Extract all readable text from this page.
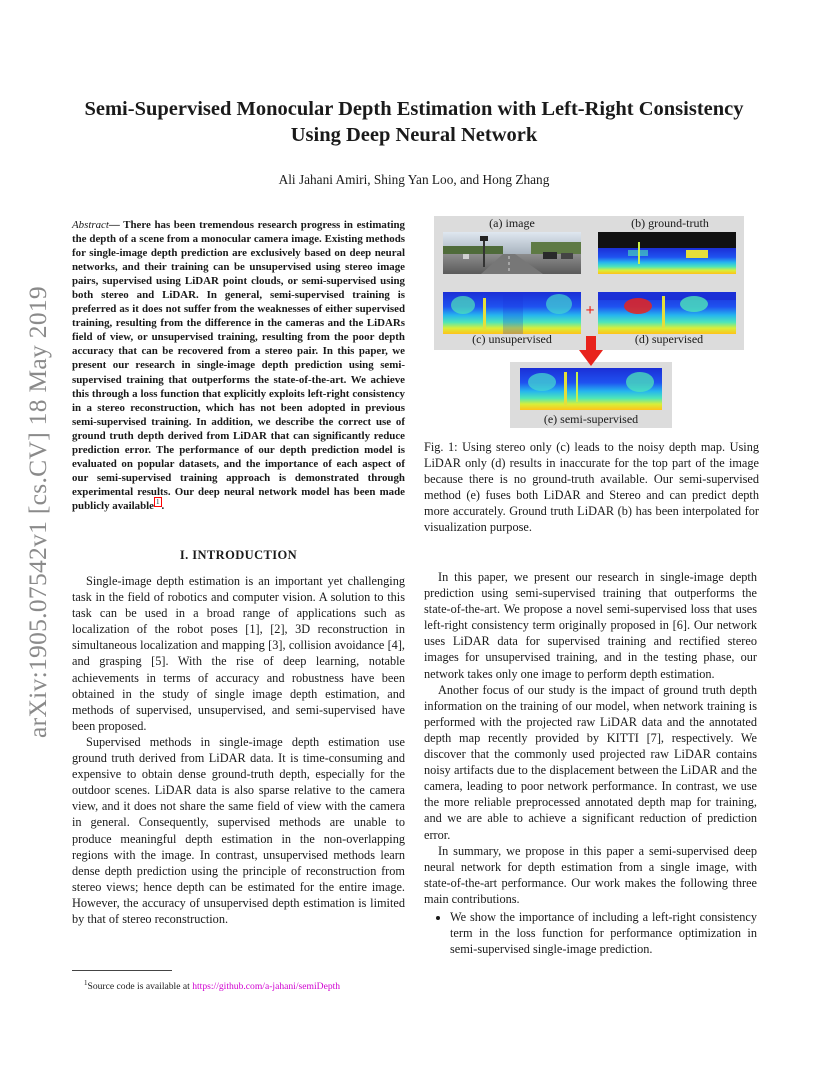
arXiv:1905.07542v1 [cs.CV] 18 May 2019
Semi-Supervised Monocular Depth Estimation with Left-Right Consistency Using Deep Neural Network
Ali Jahani Amiri, Shing Yan Loo, and Hong Zhang

Abstract— There has been tremendous research progress in estimating the depth of a scene from a monocular camera image. Existing methods for single-image depth prediction are exclusively based on deep neural networks, and their training can be unsupervised using stereo image pairs, supervised using LiDAR point clouds, or semi-supervised using both stereo and LiDAR. In general, semi-supervised training is preferred as it does not suffer from the weaknesses of either supervised training, resulting from the difference in the cameras and the LiDARs field of view, or unsupervised training, resulting from the poor depth accuracy that can be recovered from a stereo pair. In this paper, we present our research in single-image depth prediction using semi-supervised training that outperforms the state-of-the-art. We achieve this through a loss function that explicitly exploits left-right consistency in a stereo reconstruction, which has not been adopted in previous semi-supervised training. In addition, we describe the correct use of ground truth depth derived from LiDAR that can significantly reduce prediction error. The performance of our depth prediction model is evaluated on popular datasets, and the importance of each aspect of our semi-supervised training approach is demonstrated through experimental results. Our deep neural network model has been made publicly available $^1$ .

I. INTRODUCTION

Single-image depth estimation is an important yet challenging task in the field of robotics and computer vision. A solution to this task can be used in a broad range of applications such as localization of the robot poses [1], [2], 3D reconstruction in simultaneous localization and mapping [3], collision avoidance [4], and grasping [5]. With the rise of deep learning, notable achievements in terms of accuracy and robustness have been obtained in the study of single image depth estimation, and methods of supervised, unsupervised, and semi-supervised have been proposed.

Supervised methods in single-image depth estimation use ground truth derived from LiDAR data. It is time-consuming and expensive to obtain dense ground-truth depth, especially for the outdoor scenes. LiDAR data is also sparse relative to the camera view, and it does not share the same field of view with the camera in general. Consequently, supervised methods are unable to produce meaningful depth estimation in the non-overlapping regions with the image. In contrast, unsupervised methods learn dense depth prediction using the principle of reconstruction from stereo views; hence depth can be estimated for the entire image. However, the accuracy of unsupervised depth estimation is limited by that of stereo reconstruction.

In this paper, we present our research in single-image depth prediction using semi-supervised training that outperforms the state-of-the-art. We propose a novel semi-supervised loss that uses left-right consistency term originally proposed in [6]. Our network uses LiDAR data for supervised training and rectified stereo images for unsupervised training, and in the testing phase, our network takes only one image to perform depth estimation.

Another focus of our study is the impact of ground truth depth information on the training of our model, when network training is performed with the projected raw LiDAR data and the annotated depth map recently provided by KITTI [7], respectively. We discover that the commonly used projected raw LiDAR contains noisy artifacts due to the displacement between the LiDAR and the camera, leading to poor network performance. In contrast, we use the more reliable preprocessed annotated depth map for training, and we are able to achieve a significant reduction of prediction error.

In summary, we propose in this paper a semi-supervised deep neural network for depth estimation from a single image, with state-of-the-art performance. Our work makes the following three main contributions.

• We show the importance of including a left-right consistency term in the loss function for performance optimization in semi-supervised single-image prediction.
$^1$Source code is available at https://github.com/a-jahani/semiDepth
(a) image	(b) ground-truth
+
(c) unsupervised	(d) supervised
(e) semi-supervised

Fig. 1: Using stereo only (c) leads to the noisy depth map. Using LiDAR only (d) results in inaccurate for the top part of the image because there is no ground-truth available. Our semi-supervised method (e) fuses both LiDAR and Stereo and can predict depth more accurately. Ground truth LiDAR (b) has been interpolated for visualization purpose.
